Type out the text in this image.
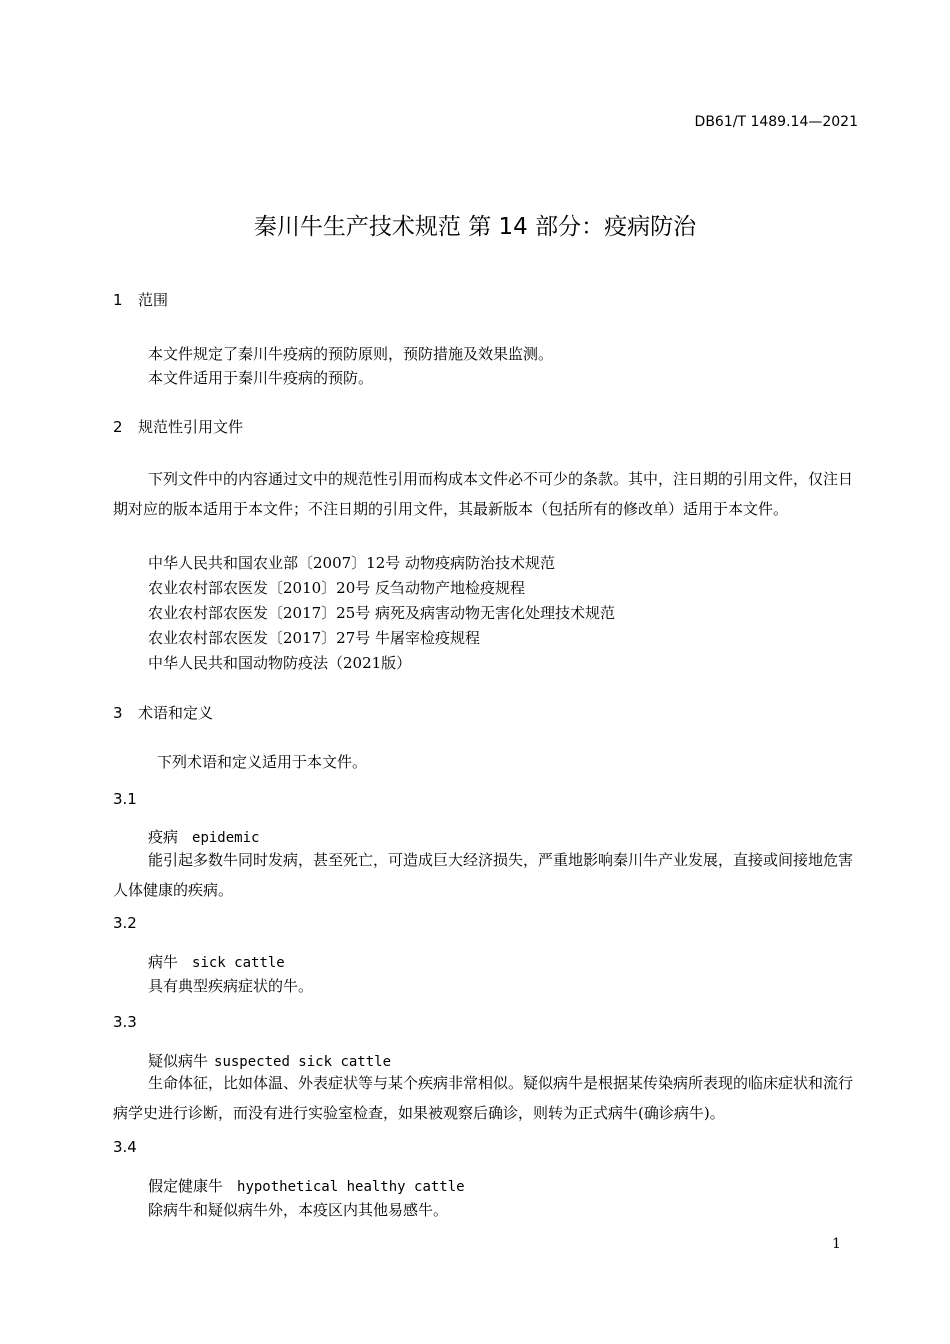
DB61/T 1489.14—2021
秦川牛生产技术规范 第 14 部分：疫病防治
1 范围
本文件规定了秦川牛疫病的预防原则，预防措施及效果监测。
本文件适用于秦川牛疫病的预防。
2 规范性引用文件
下列文件中的内容通过文中的规范性引用而构成本文件必不可少的条款。其中，注日期的引用文件，仅注日期对应的版本适用于本文件；不注日期的引用文件，其最新版本（包括所有的修改单）适用于本文件。
中华人民共和国农业部〔2007〕12号 动物疫病防治技术规范
农业农村部农医发〔2010〕20号 反刍动物产地检疫规程
农业农村部农医发〔2017〕25号 病死及病害动物无害化处理技术规范
农业农村部农医发〔2017〕27号 牛屠宰检疫规程
中华人民共和国动物防疫法（2021版）
3 术语和定义
下列术语和定义适用于本文件。
3.1
疫病 epidemic
能引起多数牛同时发病，甚至死亡，可造成巨大经济损失，严重地影响秦川牛产业发展，直接或间接地危害人体健康的疾病。
3.2
病牛 sick cattle
具有典型疾病症状的牛。
3.3
疑似病牛 suspected sick cattle
生命体征，比如体温、外表症状等与某个疾病非常相似。疑似病牛是根据某传染病所表现的临床症状和流行病学史进行诊断，而没有进行实验室检查，如果被观察后确诊，则转为正式病牛(确诊病牛)。
3.4
假定健康牛 hypothetical healthy cattle
除病牛和疑似病牛外，本疫区内其他易感牛。
1
